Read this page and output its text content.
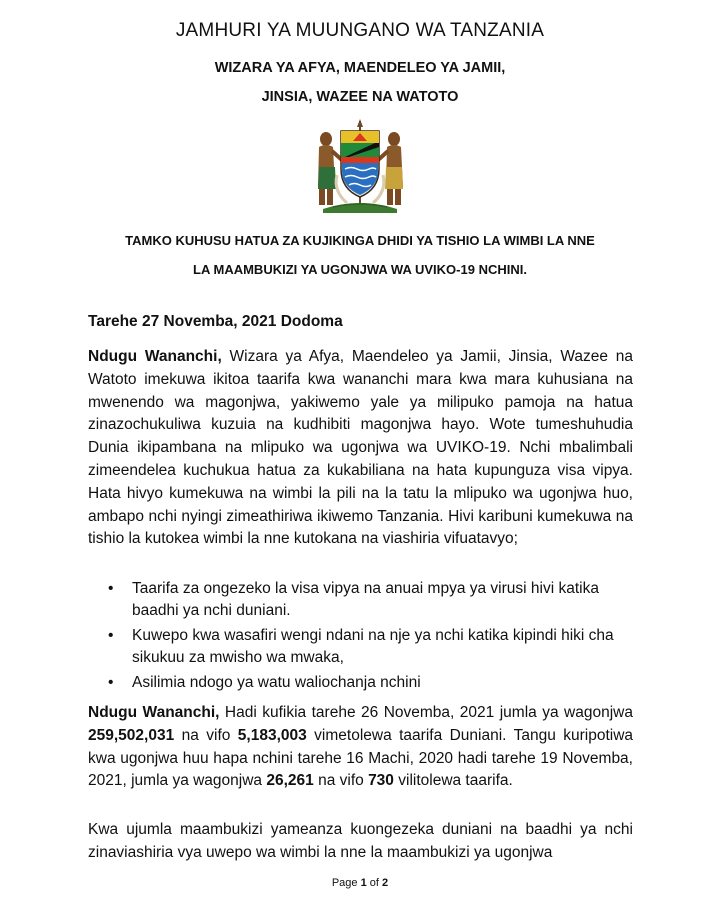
JAMHURI YA MUUNGANO WA TANZANIA
WIZARA YA AFYA, MAENDELEO YA JAMII,
JINSIA, WAZEE NA WATOTO
TAMKO KUHUSU HATUA ZA KUJIKINGA DHIDI YA TISHIO LA WIMBI LA NNE
LA MAAMBUKIZI YA UGONJWA WA UVIKO-19 NCHINI.
Tarehe 27 Novemba, 2021 Dodoma

Ndugu Wananchi, Wizara ya Afya, Maendeleo ya Jamii, Jinsia, Wazee na Watoto imekuwa ikitoa taarifa kwa wananchi mara kwa mara kuhusiana na mwenendo wa magonjwa, yakiwemo yale ya milipuko pamoja na hatua zinazochukuliwa kuzuia na kudhibiti magonjwa hayo. Wote tumeshuhudia Dunia ikipambana na mlipuko wa ugonjwa wa UVIKO-19. Nchi mbalimbali zimeendelea kuchukua hatua za kukabiliana na hata kupunguza visa vipya. Hata hivyo kumekuwa na wimbi la pili na la tatu la mlipuko wa ugonjwa huo, ambapo nchi nyingi zimeathiriwa ikiwemo Tanzania. Hivi karibuni kumekuwa na tishio la kutokea wimbi la nne kutokana na viashiria vifuatavyo;

• Taarifa za ongezeko la visa vipya na anuai mpya ya virusi hivi katika baadhi ya nchi duniani.
• Kuwepo kwa wasafiri wengi ndani na nje ya nchi katika kipindi hiki cha sikukuu za mwisho wa mwaka,
• Asilimia ndogo ya watu waliochanja nchini

Ndugu Wananchi, Hadi kufikia tarehe 26 Novemba, 2021 jumla ya wagonjwa 259,502,031 na vifo 5,183,003 vimetolewa taarifa Duniani. Tangu kuripotiwa kwa ugonjwa huu hapa nchini tarehe 16 Machi, 2020 hadi tarehe 19 Novemba, 2021, jumla ya wagonjwa 26,261 na vifo 730 vilitolewa taarifa.

Kwa ujumla maambukizi yameanza kuongezeka duniani na baadhi ya nchi zinaviashiria vya uwepo wa wimbi la nne la maambukizi ya ugonjwa

Page 1 of 2
